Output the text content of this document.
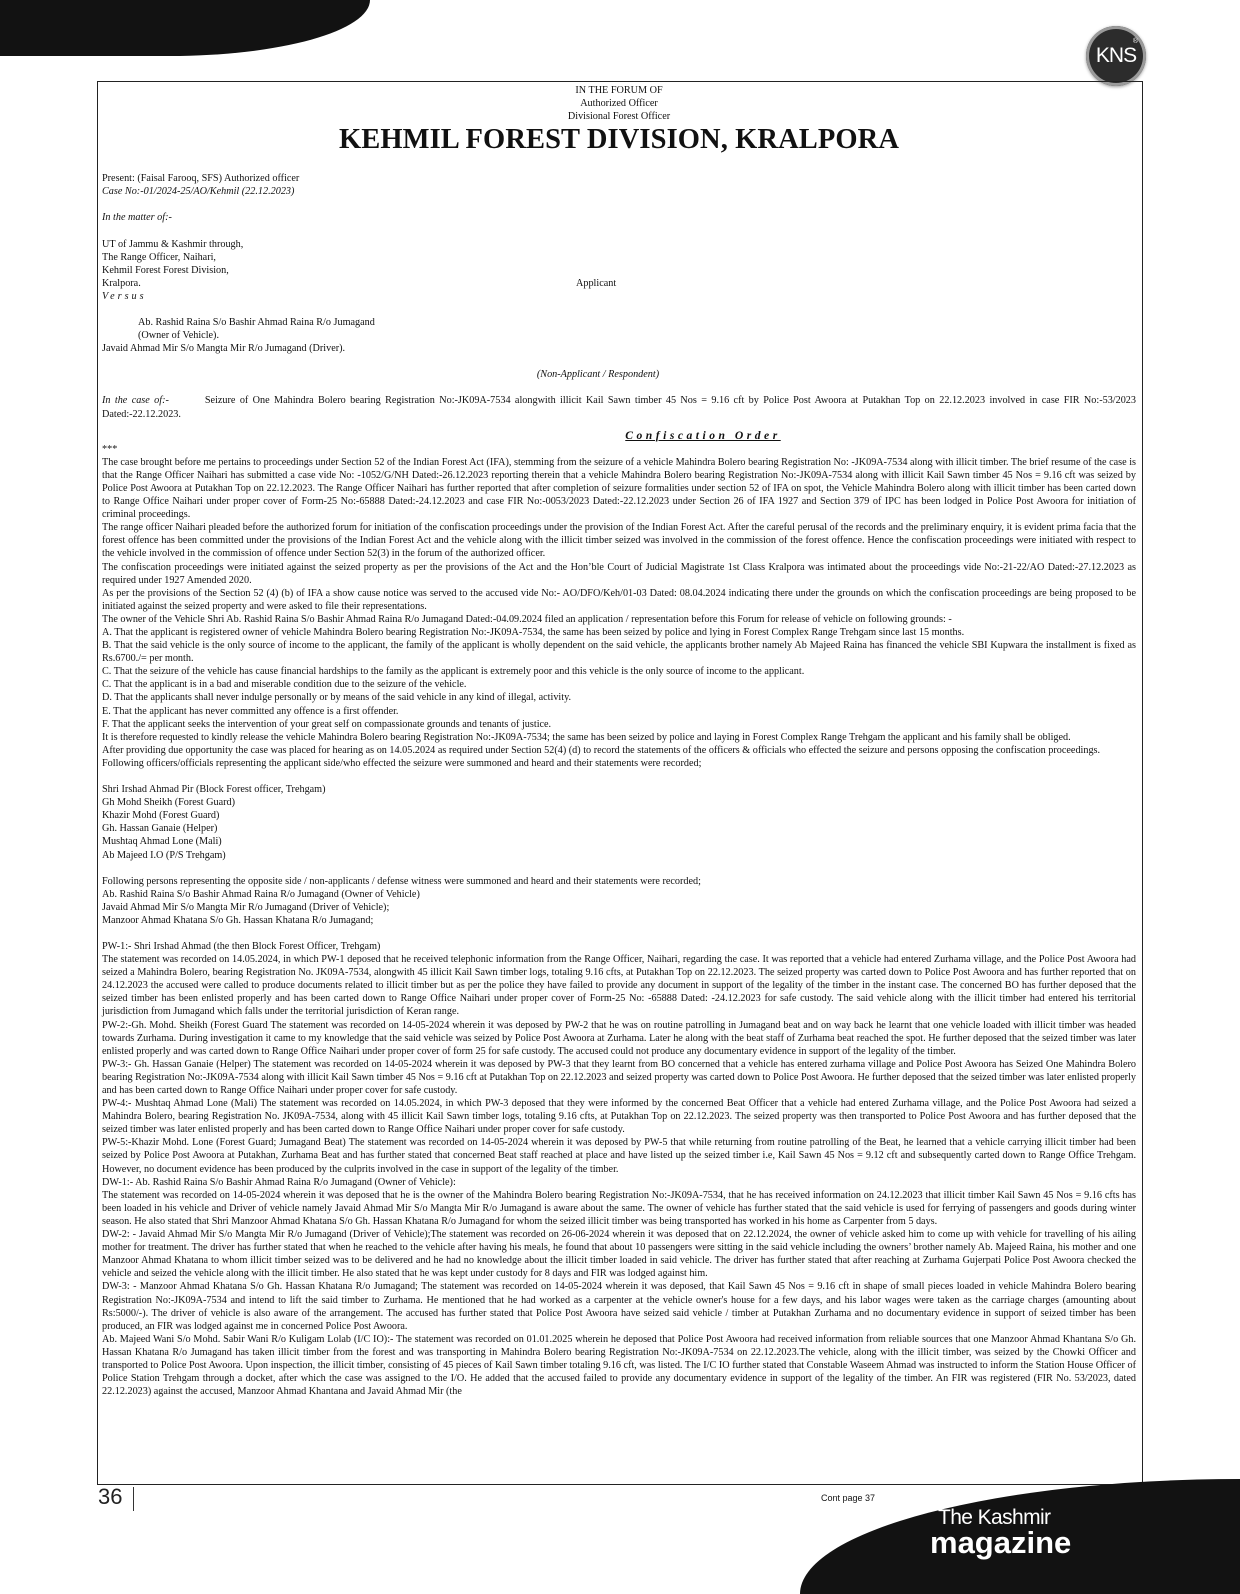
KNS
®
IN THE FORUM OF
Authorized Officer
Divisional Forest Officer
KEHMIL FOREST DIVISION, KRALPORA
Present: (Faisal Farooq, SFS) Authorized officer
Case No:-01/2024-25/AO/Kehmil (22.12.2023)
In the matter of:-
UT of Jammu & Kashmir through,
The Range Officer, Naihari,
Kehmil Forest Forest Division,
Kralpora.	Applicant
Versus
Ab. Rashid Raina S/o Bashir Ahmad Raina R/o Jumagand
(Owner of Vehicle).
Javaid Ahmad Mir S/o Mangta Mir R/o Jumagand (Driver).
(Non-Applicant / Respondent)

In the case of:-	Seizure of One Mahindra Bolero bearing Registration No:-JK09A-7534 alongwith illicit Kail Sawn timber 45 Nos = 9.16 cft by Police Post Awoora at Putakhan Top on 22.12.2023 involved in case FIR No:-53/2023 Dated:-22.12.2023.

Confiscation Order
***

The case brought before me pertains to proceedings under Section 52 of the Indian Forest Act (IFA), stemming from the seizure of a vehicle Mahindra Bolero bearing Registration No: -JK09A-7534 along with illicit timber. The brief resume of the case is that the Range Officer Naihari has submitted a case vide No: -1052/G/NH Dated:-26.12.2023 reporting therein that a vehicle Mahindra Bolero bearing Registration No:-JK09A-7534 along with illicit Kail Sawn timber 45 Nos = 9.16 cft was seized by Police Post Awoora at Putakhan Top on 22.12.2023. The Range Officer Naihari has further reported that after completion of seizure formalities under section 52 of IFA on spot, the Vehicle Mahindra Bolero along with illicit timber has been carted down to Range Office Naihari under proper cover of Form-25 No:-65888 Dated:-24.12.2023 and case FIR No:-0053/2023 Dated:-22.12.2023 under Section 26 of IFA 1927 and Section 379 of IPC has been lodged in Police Post Awoora for initiation of criminal proceedings.

The range officer Naihari pleaded before the authorized forum for initiation of the confiscation proceedings under the provision of the Indian Forest Act. After the careful perusal of the records and the preliminary enquiry, it is evident prima facia that the forest offence has been committed under the provisions of the Indian Forest Act and the vehicle along with the illicit timber seized was involved in the commission of the forest offence. Hence the confiscation proceedings were initiated with respect to the vehicle involved in the commission of offence under Section 52(3) in the forum of the authorized officer.

The confiscation proceedings were initiated against the seized property as per the provisions of the Act and the Hon’ble Court of Judicial Magistrate 1st Class Kralpora was intimated about the proceedings vide No:-21-22/AO Dated:-27.12.2023 as required under 1927 Amended 2020.

As per the provisions of the Section 52 (4) (b) of IFA a show cause notice was served to the accused vide No:- AO/DFO/Keh/01-03 Dated: 08.04.2024 indicating there under the grounds on which the confiscation proceedings are being proposed to be initiated against the seized property and were asked to file their representations.

The owner of the Vehicle Shri Ab. Rashid Raina S/o Bashir Ahmad Raina R/o Jumagand Dated:-04.09.2024 filed an application / representation before this Forum for release of vehicle on following grounds: -

A. That the applicant is registered owner of vehicle Mahindra Bolero bearing Registration No:-JK09A-7534, the same has been seized by police and lying in Forest Complex Range Trehgam since last 15 months.

B. That the said vehicle is the only source of income to the applicant, the family of the applicant is wholly dependent on the said vehicle, the applicants brother namely Ab Majeed Raina has financed the vehicle SBI Kupwara the installment is fixed as Rs.6700./= per month.

C. That the seizure of the vehicle has cause financial hardships to the family as the applicant is extremely poor and this vehicle is the only source of income to the applicant.

C. That the applicant is in a bad and miserable condition due to the seizure of the vehicle.

D. That the applicants shall never indulge personally or by means of the said vehicle in any kind of illegal, activity.

E. That the applicant has never committed any offence is a first offender.

F. That the applicant seeks the intervention of your great self on compassionate grounds and tenants of justice.

It is therefore requested to kindly release the vehicle Mahindra Bolero bearing Registration No:-JK09A-7534; the same has been seized by police and laying in Forest Complex Range Trehgam the applicant and his family shall be obliged.

After providing due opportunity the case was placed for hearing as on 14.05.2024 as required under Section 52(4) (d) to record the statements of the officers & officials who effected the seizure and persons opposing the confiscation proceedings.

Following officers/officials representing the applicant side/who effected the seizure were summoned and heard and their statements were recorded;

Shri Irshad Ahmad Pir (Block Forest officer, Trehgam)
Gh Mohd Sheikh (Forest Guard)
Khazir Mohd (Forest Guard)
Gh. Hassan Ganaie (Helper)
Mushtaq Ahmad Lone (Mali)
Ab Majeed I.O (P/S Trehgam)
Following persons representing the opposite side / non-applicants / defense witness were summoned and heard and their statements were recorded;
Ab. Rashid Raina S/o Bashir Ahmad Raina R/o Jumagand (Owner of Vehicle)
Javaid Ahmad Mir S/o Mangta Mir R/o Jumagand (Driver of Vehicle);
Manzoor Ahmad Khatana S/o Gh. Hassan Khatana R/o Jumagand;

PW-1:- Shri Irshad Ahmad (the then Block Forest Officer, Trehgam)

The statement was recorded on 14.05.2024, in which PW-1 deposed that he received telephonic information from the Range Officer, Naihari, regarding the case. It was reported that a vehicle had entered Zurhama village, and the Police Post Awoora had seized a Mahindra Bolero, bearing Registration No. JK09A-7534, alongwith 45 illicit Kail Sawn timber logs, totaling 9.16 cfts, at Putakhan Top on 22.12.2023. The seized property was carted down to Police Post Awoora and has further reported that on 24.12.2023 the accused were called to produce documents related to illicit timber but as per the police they have failed to provide any document in support of the legality of the timber in the instant case. The concerned BO has further deposed that the seized timber has been enlisted properly and has been carted down to Range Office Naihari under proper cover of Form-25 No: -65888 Dated: -24.12.2023 for safe custody. The said vehicle along with the illicit timber had entered his territorial jurisdiction from Jumagand which falls under the territorial jurisdiction of Keran range.

PW-2:-Gh. Mohd. Sheikh (Forest Guard The statement was recorded on 14-05-2024 wherein it was deposed by PW-2 that he was on routine patrolling in Jumagand beat and on way back he learnt that one vehicle loaded with illicit timber was headed towards Zurhama. During investigation it came to my knowledge that the said vehicle was seized by Police Post Awoora at Zurhama. Later he along with the beat staff of Zurhama beat reached the spot. He further deposed that the seized timber was later enlisted properly and was carted down to Range Office Naihari under proper cover of form 25 for safe custody. The accused could not produce any documentary evidence in support of the legality of the timber.

PW-3:- Gh. Hassan Ganaie (Helper) The statement was recorded on 14-05-2024 wherein it was deposed by PW-3 that they learnt from BO concerned that a vehicle has entered zurhama village and Police Post Awoora has Seized One Mahindra Bolero bearing Registration No:-JK09A-7534 along with illicit Kail Sawn timber 45 Nos = 9.16 cft at Putakhan Top on 22.12.2023 and seized property was carted down to Police Post Awoora. He further deposed that the seized timber was later enlisted properly and has been carted down to Range Office Naihari under proper cover for safe custody.

PW-4:- Mushtaq Ahmad Lone (Mali) The statement was recorded on 14.05.2024, in which PW-3 deposed that they were informed by the concerned Beat Officer that a vehicle had entered Zurhama village, and the Police Post Awoora had seized a Mahindra Bolero, bearing Registration No. JK09A-7534, along with 45 illicit Kail Sawn timber logs, totaling 9.16 cfts, at Putakhan Top on 22.12.2023. The seized property was then transported to Police Post Awoora and has further deposed that the seized timber was later enlisted properly and has been carted down to Range Office Naihari under proper cover for safe custody.

PW-5:-Khazir Mohd. Lone (Forest Guard; Jumagand Beat) The statement was recorded on 14-05-2024 wherein it was deposed by PW-5 that while returning from routine patrolling of the Beat, he learned that a vehicle carrying illicit timber had been seized by Police Post Awoora at Putakhan, Zurhama Beat and has further stated that concerned Beat staff reached at place and have listed up the seized timber i.e, Kail Sawn 45 Nos = 9.12 cft and subsequently carted down to Range Office Trehgam. However, no document evidence has been produced by the culprits involved in the case in support of the legality of the timber.

DW-1:- Ab. Rashid Raina S/o Bashir Ahmad Raina R/o Jumagand (Owner of Vehicle):

The statement was recorded on 14-05-2024 wherein it was deposed that he is the owner of the Mahindra Bolero bearing Registration No:-JK09A-7534, that he has received information on 24.12.2023 that illicit timber Kail Sawn 45 Nos = 9.16 cfts has been loaded in his vehicle and Driver of vehicle namely Javaid Ahmad Mir S/o Mangta Mir R/o Jumagand is aware about the same. The owner of vehicle has further stated that the said vehicle is used for ferrying of passengers and goods during winter season. He also stated that Shri Manzoor Ahmad Khatana S/o Gh. Hassan Khatana R/o Jumagand for whom the seized illicit timber was being transported has worked in his home as Carpenter from 5 days.

DW-2: - Javaid Ahmad Mir S/o Mangta Mir R/o Jumagand (Driver of Vehicle);The statement was recorded on 26-06-2024 wherein it was deposed that on 22.12.2024, the owner of vehicle asked him to come up with vehicle for travelling of his ailing mother for treatment. The driver has further stated that when he reached to the vehicle after having his meals, he found that about 10 passengers were sitting in the said vehicle including the owners’ brother namely Ab. Majeed Raina, his mother and one Manzoor Ahmad Khatana to whom illicit timber seized was to be delivered and he had no knowledge about the illicit timber loaded in said vehicle. The driver has further stated that after reaching at Zurhama Gujerpati Police Post Awoora checked the vehicle and seized the vehicle along with the illicit timber. He also stated that he was kept under custody for 8 days and FIR was lodged against him.

DW-3: - Manzoor Ahmad Khatana S/o Gh. Hassan Khatana R/o Jumagand; The statement was recorded on 14-05-2024 wherein it was deposed, that Kail Sawn 45 Nos = 9.16 cft in shape of small pieces loaded in vehicle Mahindra Bolero bearing Registration No:-JK09A-7534 and intend to lift the said timber to Zurhama. He mentioned that he had worked as a carpenter at the vehicle owner's house for a few days, and his labor wages were taken as the carriage charges (amounting about Rs:5000/-). The driver of vehicle is also aware of the arrangement. The accused has further stated that Police Post Awoora have seized said vehicle / timber at Putakhan Zurhama and no documentary evidence in support of seized timber has been produced, an FIR was lodged against me in concerned Police Post Awoora.

Ab. Majeed Wani S/o Mohd. Sabir Wani R/o Kuligam Lolab (I/C IO):- The statement was recorded on 01.01.2025 wherein he deposed that Police Post Awoora had received information from reliable sources that one Manzoor Ahmad Khantana S/o Gh. Hassan Khatana R/o Jumagand has taken illicit timber from the forest and was transporting in Mahindra Bolero bearing Registration No:-JK09A-7534 on 22.12.2023.The vehicle, along with the illicit timber, was seized by the Chowki Officer and transported to Police Post Awoora. Upon inspection, the illicit timber, consisting of 45 pieces of Kail Sawn timber totaling 9.16 cft, was listed. The I/C IO further stated that Constable Waseem Ahmad was instructed to inform the Station House Officer of Police Station Trehgam through a docket, after which the case was assigned to the I/O. He added that the accused failed to provide any documentary evidence in support of the legality of the timber. An FIR was registered (FIR No. 53/2023, dated 22.12.2023) against the accused, Manzoor Ahmad Khantana and Javaid Ahmad Mir (the

36	Cont page 37
The Kashmir
magazine
